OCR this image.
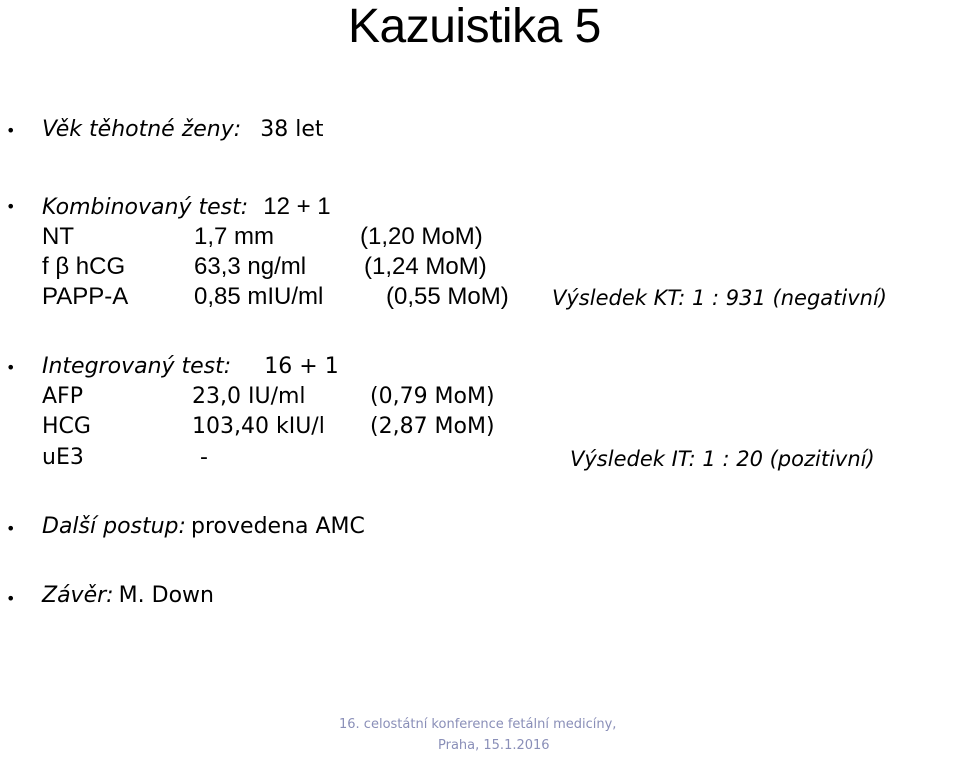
Kazuistika 5
• Věk těhotné ženy: 38 let
• Kombinovaný test: 12 + 1
NT	1,7 mm	(1,20 MoM)
f β hCG	63,3 ng/ml (1,24 MoM)
PAPP-A	0,85 mIU/ml	(0,55 MoM) Výsledek KT: 1 : 931 (negativní)
• Integrovaný test: 16 + 1
AFP	23,0 IU/ml	(0,79 MoM)
HCG	103,40 kIU/l (2,87 MoM)
uE3	-	Výsledek IT: 1 : 20 (pozitivní)
• Další postup: provedena AMC
• Závěr: M. Down
16. celostátní konference fetální medicíny,
Praha, 15.1.2016
